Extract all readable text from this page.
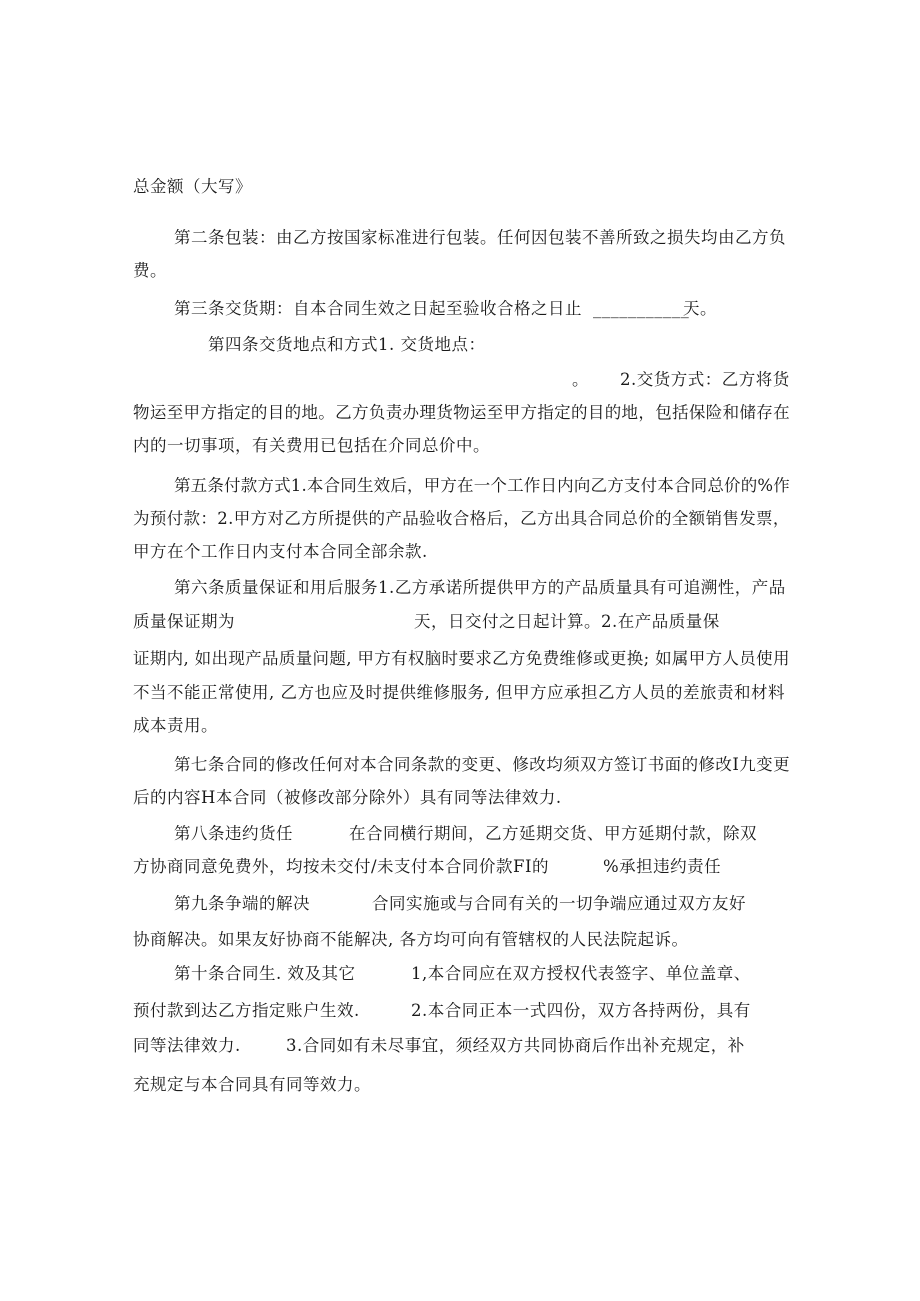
总金额（大写》
第二条包装：由乙方按国家标准进行包装。任何因包装不善所致之损失均由乙方负
费。
第三条交货期：自本合同生效之日起至验收合格之日止 ___________
天。
第四条交货地点和方式1. 交货地点：
。 2.交货方式：乙方将货
物运至甲方指定的目的地。乙方负责办理货物运至甲方指定的目的地，包括保险和储存在
内的一切事项，有关费用已包括在介同总价中。
第五条付款方式1.本合同生效后，甲方在一个工作日内向乙方支付本合同总价的%作
为预付款：2.甲方对乙方所提供的产品验收合格后，乙方出具合同总价的全额销售发票，
甲方在个工作日内支付本合同全部余款.
第六条质量保证和用后服务1.乙方承诺所提供甲方的产品质量具有可追溯性，产品
质量保证期为	天，日交付之日起计算。2.在产品质量保
证期内, 如出现产品质量问题, 甲方有权脑时要求乙方免费维修或更换; 如属甲方人员使用
不当不能正常使用, 乙方也应及时提供维修服务, 但甲方应承担乙方人员的差旅责和材料
成本责用。
第七条合同的修改任何对本合同条款的变更、修改均须双方签订书面的修改I九变更
后的内容H本合同（被修改部分除外）具有同等法律效力.
第八条违约货任	在合同横行期间，乙方延期交货、甲方延期付款，除双
方协商同意免费外，均按未交付/未支付本合同价款FI的	%承担违约责任
第九条争端的解决	合同实施或与合同有关的一切争端应通过双方友好
协商解决。如果友好协商不能解决, 各方均可向有管辖权的人民法院起诉。
第十条合同生. 效及其它	1,本合同应在双方授权代表签字、单位盖章、
预付款到达乙方指定账户生效.	2.本合同正本一式四份，双方各持两份，具有
同等法律效力.	3.合同如有未尽事宜，须经双方共同协商后作出补充规定，补
充规定与本合同具有同等效力。
